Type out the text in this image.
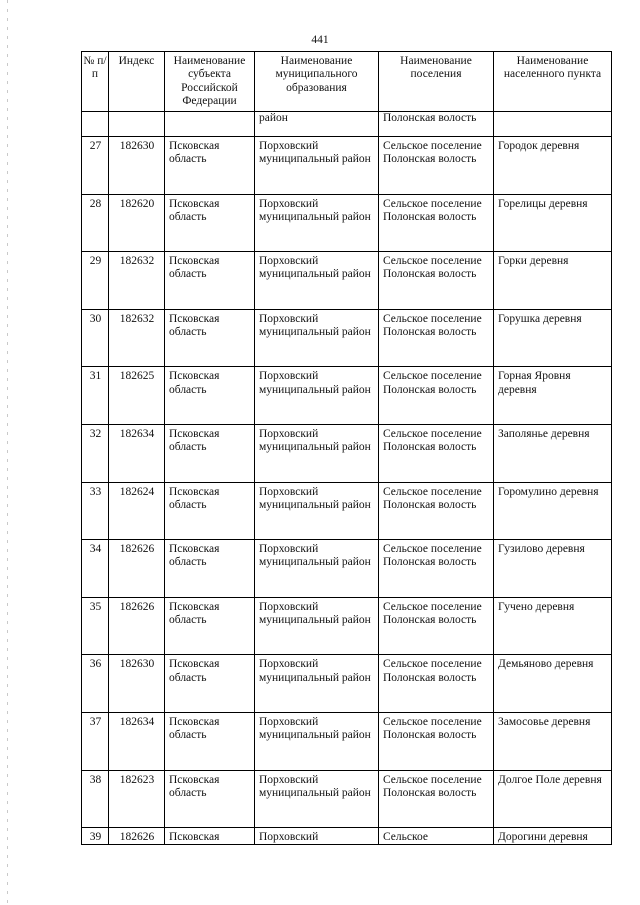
441
№ п/п	Индекс	Наименование субъекта Российской Федерации	Наименование муниципального образования	Наименование поселения	Наименование населенного пункта
			район	Полонская волость	
27	182630	Псковская область	Порховский муниципальный район	Сельское поселение Полонская волость	Городок деревня
28	182620	Псковская область	Порховский муниципальный район	Сельское поселение Полонская волость	Горелицы деревня
29	182632	Псковская область	Порховский муниципальный район	Сельское поселение Полонская волость	Горки деревня
30	182632	Псковская область	Порховский муниципальный район	Сельское поселение Полонская волость	Горушка деревня
31	182625	Псковская область	Порховский муниципальный район	Сельское поселение Полонская волость	Горная Яровня деревня
32	182634	Псковская область	Порховский муниципальный район	Сельское поселение Полонская волость	Заполянье деревня
33	182624	Псковская область	Порховский муниципальный район	Сельское поселение Полонская волость	Горомулино деревня
34	182626	Псковская область	Порховский муниципальный район	Сельское поселение Полонская волость	Гузилово деревня
35	182626	Псковская область	Порховский муниципальный район	Сельское поселение Полонская волость	Гучено деревня
36	182630	Псковская область	Порховский муниципальный район	Сельское поселение Полонская волость	Демьяново деревня
37	182634	Псковская область	Порховский муниципальный район	Сельское поселение Полонская волость	Замосовье деревня
38	182623	Псковская область	Порховский муниципальный район	Сельское поселение Полонская волость	Долгое Поле деревня
39	182626	Псковская	Порховский	Сельское	Дорогини деревня
